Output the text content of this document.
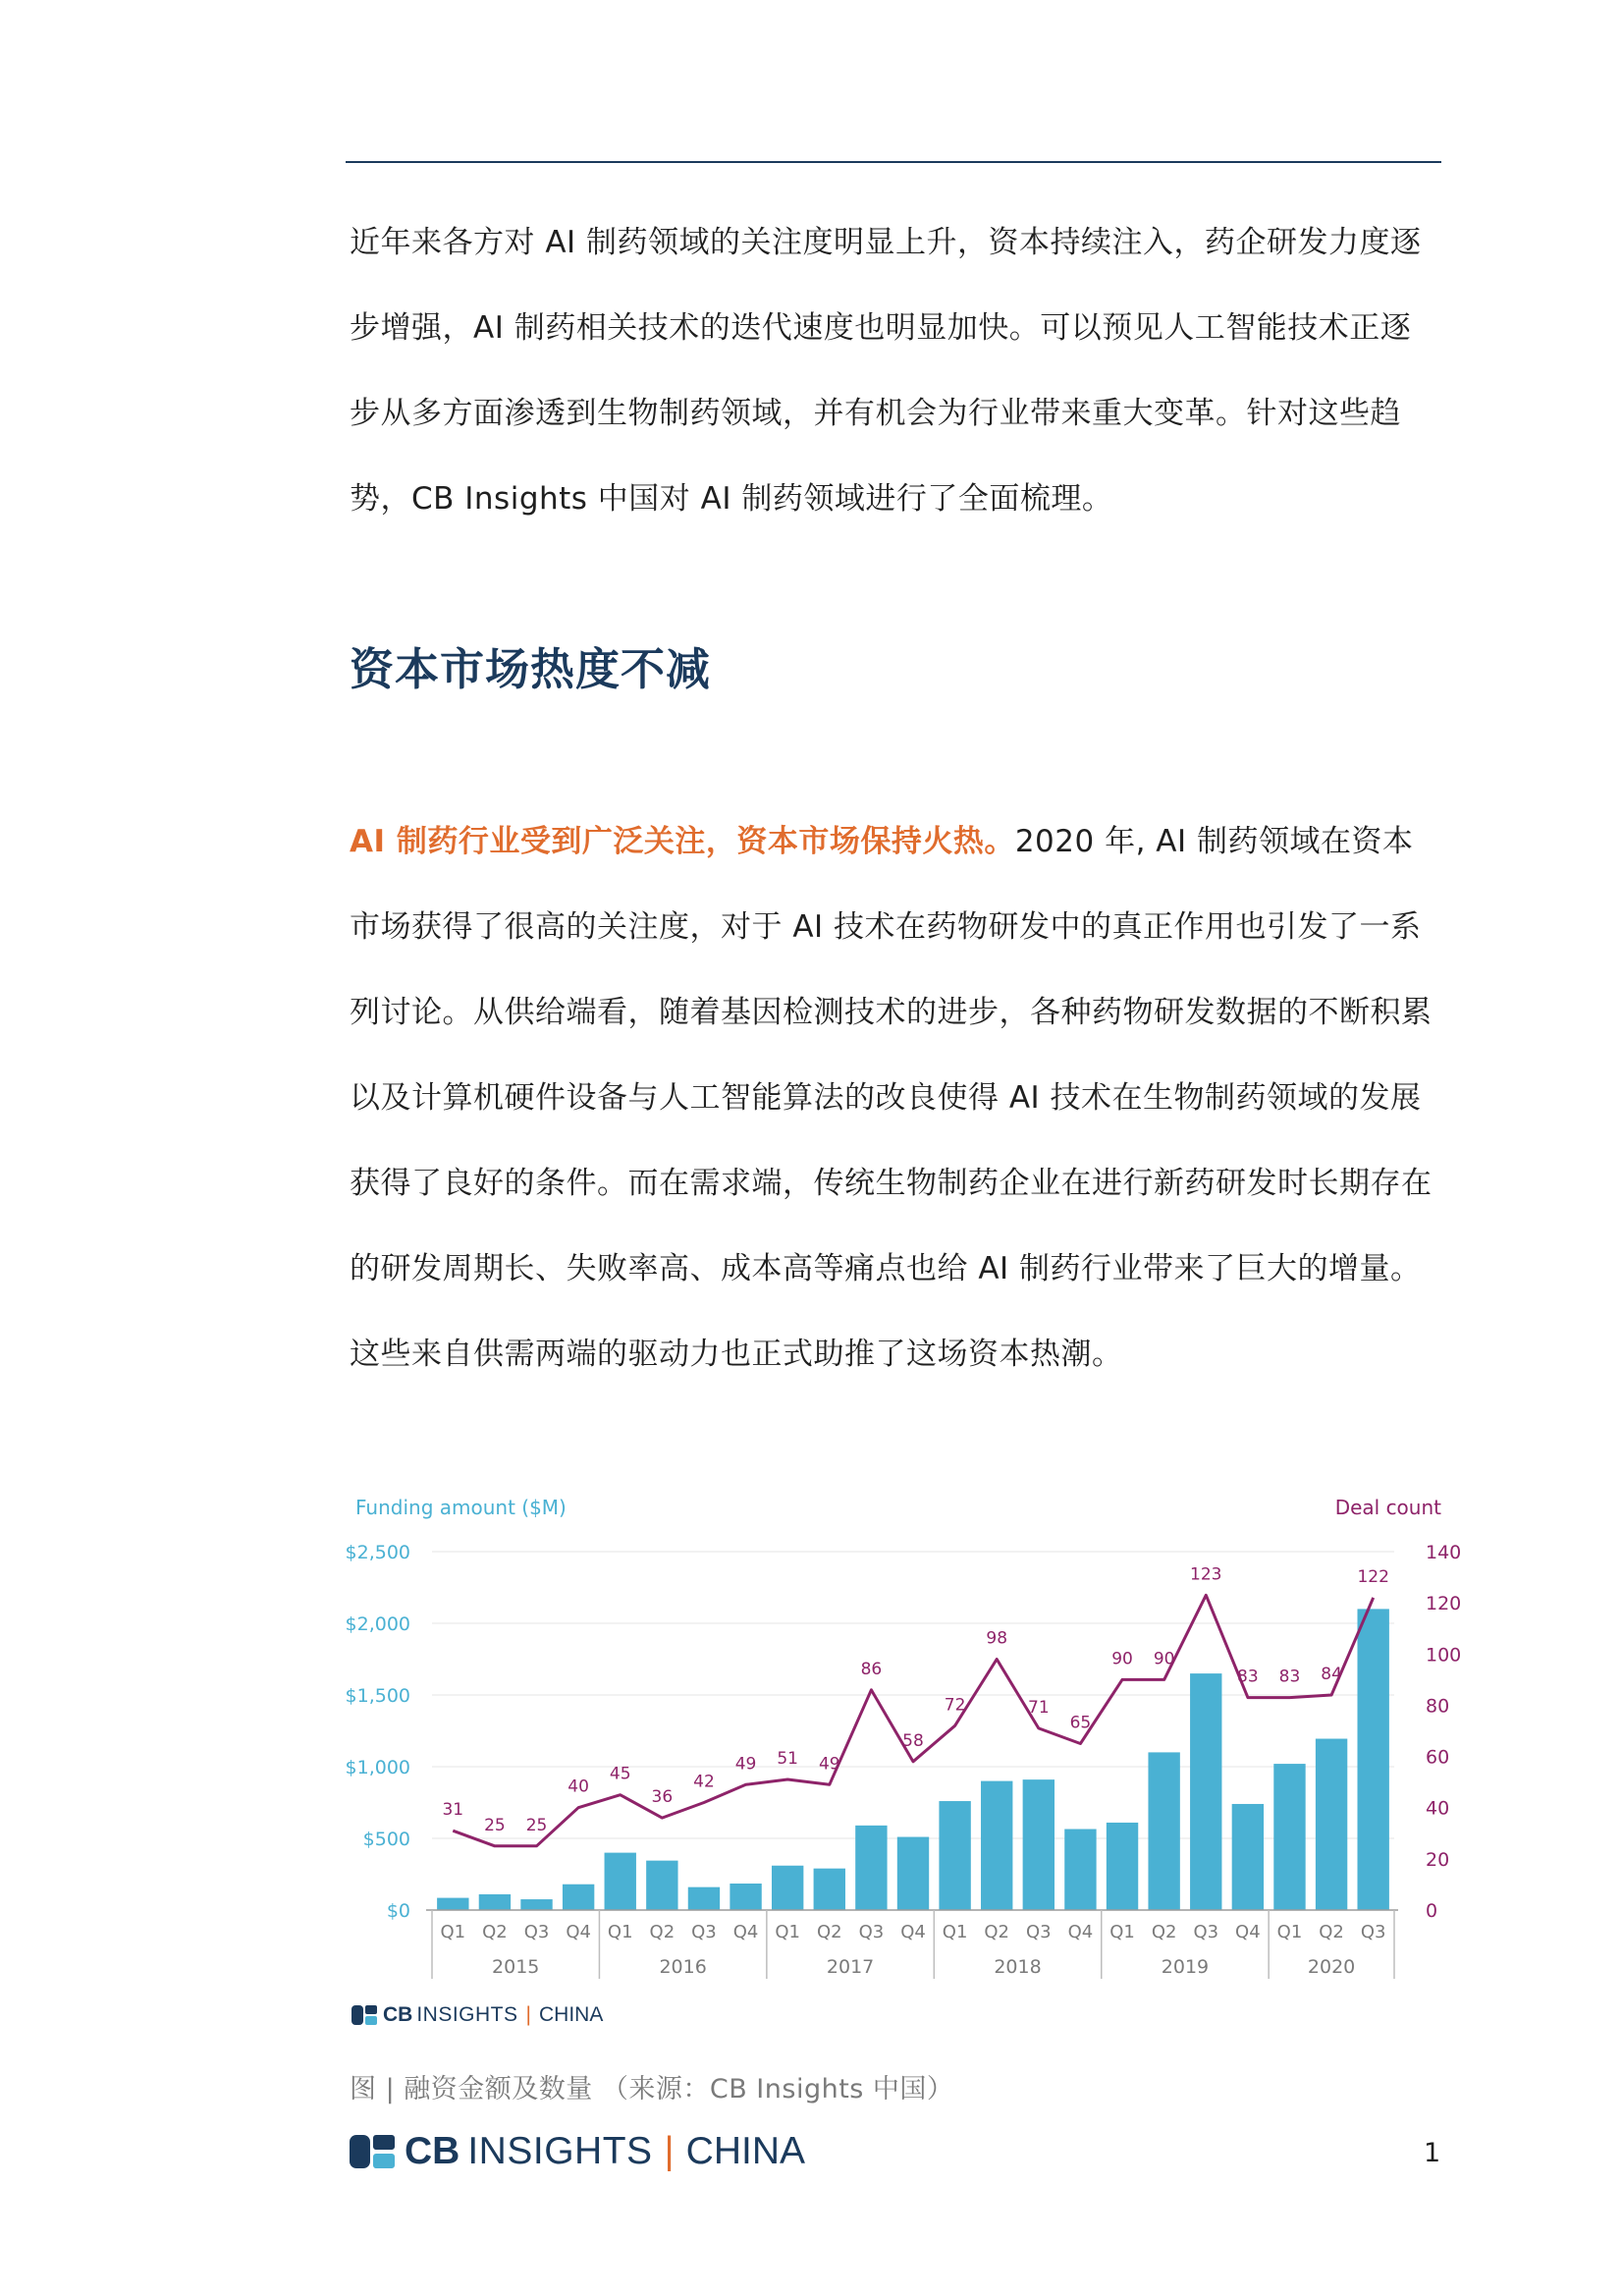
近年来各方对 AI 制药领域的关注度明显上升，资本持续注入，药企研发力度逐步增强，AI 制药相关技术的迭代速度也明显加快。可以预见人工智能技术正逐步从多方面渗透到生物制药领域，并有机会为行业带来重大变革。针对这些趋势，CB Insights 中国对 AI 制药领域进行了全面梳理。

资本市场热度不减

AI 制药行业受到广泛关注，资本市场保持火热。2020 年, AI 制药领域在资本市场获得了很高的关注度，对于 AI 技术在药物研发中的真正作用也引发了一系列讨论。从供给端看，随着基因检测技术的进步，各种药物研发数据的不断积累以及计算机硬件设备与人工智能算法的改良使得 AI 技术在生物制药领域的发展获得了良好的条件。而在需求端，传统生物制药企业在进行新药研发时长期存在的研发周期长、失败率高、成本高等痛点也给 AI 制药行业带来了巨大的增量。这些来自供需两端的驱动力也正式助推了这场资本热潮。

31
25 25
40
45
36
42
49 51 49
86
58
72
98
71
65
90 90
123
83 83 84
122
$0
$500
$1,000
$1,500
$2,000
$2,500
0
20
40
60
80
100
120
140
Q1 Q2 Q3 Q4 Q1 Q2 Q3 Q4 Q1 Q2 Q3 Q4 Q1 Q2 Q3 Q4 Q1 Q2 Q3 Q4 Q1 Q2 Q3
2015	2016	2017	2018	2019	2020
Funding amount ($M)	Deal count
CB INSIGHTS | CHINA
图 | 融资金额及数量 （来源：CB Insights 中国）
CB INSIGHTS | CHINA	1
